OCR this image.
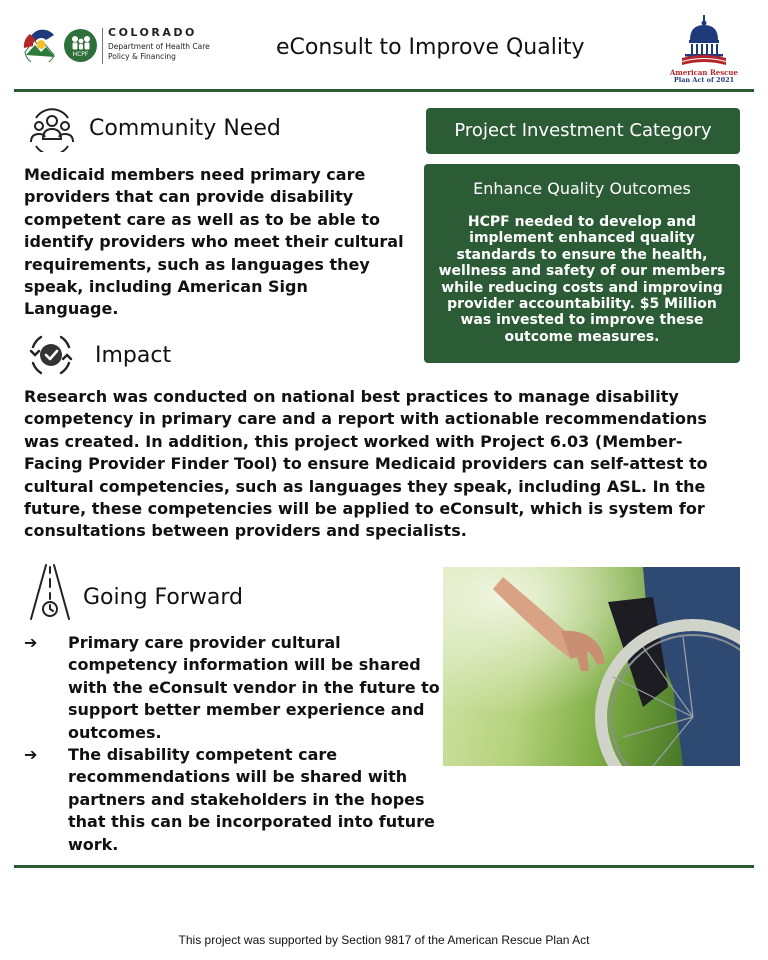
HCPF
COLORADO
Department of Health Care
Policy & Financing	eConsult to Improve Quality
American Rescue
Plan Act of 2021
Community Need

Medicaid members need primary care providers that can provide disability competent care as well as to be able to identify providers who meet their cultural requirements, such as languages they speak, including American Sign Language.

Project Investment Category
Enhance Quality Outcomes
HCPF needed to develop and implement enhanced quality standards to ensure the health, wellness and safety of our members while reducing costs and improving provider accountability. $5 Million was invested to improve these outcome measures.
Impact

Research was conducted on national best practices to manage disability competency in primary care and a report with actionable recommendations was created. In addition, this project worked with Project 6.03 (Member-Facing Provider Finder Tool) to ensure Medicaid providers can self-attest to cultural competencies, such as languages they speak, including ASL. In the future, these competencies will be applied to eConsult, which is system for consultations between providers and specialists.

Going Forward
➔ Primary care provider cultural competency information will be shared with the eConsult vendor in the future to support better member experience and outcomes.
➔ The disability competent care recommendations will be shared with partners and stakeholders in the hopes that this can be incorporated into future work.
This project was supported by Section 9817 of the American Rescue Plan Act
